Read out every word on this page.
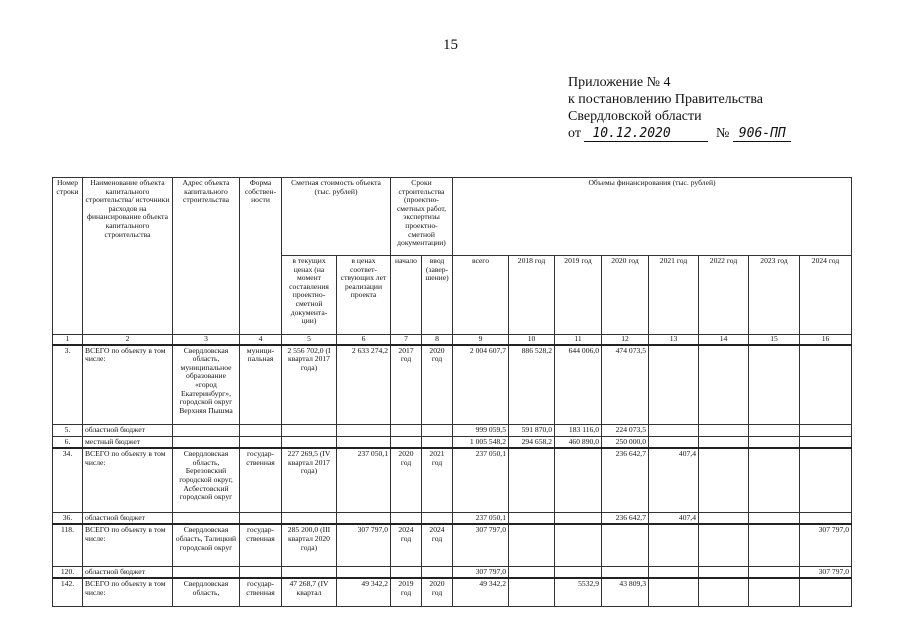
15
Приложение № 4
к постановлению Правительства
Свердловской области
от 10.12.2020	№ 906-ПП
Номер строки	Наименование объекта капитального строительства/ источники расходов на финансирование объекта капитального строительства	Адрес объекта капитального строительства	Форма собствен-ности	Сметная стоимость объекта (тыс. рублей)		Сроки строительства (проектно-сметных работ, экспертизы проектно-сметной документации)		Объемы финансирования (тыс. рублей)							
				в текущих ценах (на момент составления проектно-сметной документа-ции)	в ценах соответ-ствующих лет реализации проекта	начало	ввод (завер-шение)	всего	2018 год	2019 год	2020 год	2021 год	2022 год	2023 год	2024 год
1	2	3	4	5	6	7	8	9	10	11	12	13	14	15	16
3.	ВСЕГО по объекту в том числе:	Свердловская область, муниципальное образование «город Екатеринбург», городской округ Верхняя Пышма	муници-пальная	2 556 702,0 (I квартал 2017 года)	2 633 274,2	2017 год	2020 год	2 004 607,7	886 528,2	644 006,0	474 073,5				
5.	областной бюджет							999 059,5	591 870,0	183 116,0	224 073,5				
6.	местный бюджет							1 005 548,2	294 658,2	460 890,0	250 000,0				
34.	ВСЕГО по объекту в том числе:	Свердловская область, Березовский городской округ, Асбестовский городской округ	государ-ственная	227 269,5 (IV квартал 2017 года)	237 050,1	2020 год	2021 год	237 050,1			236 642,7	407,4			
36.	областной бюджет							237 050,1			236 642,7	407,4			
118.	ВСЕГО по объекту в том числе:	Свердловская область, Талицкий городской округ	государ-ственная	285 200,0 (III квартал 2020 года)	307 797,0	2024 год	2024 год	307 797,0							307 797,0
120.	областной бюджет							307 797,0							307 797,0
142.	ВСЕГО по объекту в том числе:	Свердловская область,	государ-ственная	47 268,7 (IV квартал	49 342,2	2019 год	2020 год	49 342,2		5532,9	43 809,3				
